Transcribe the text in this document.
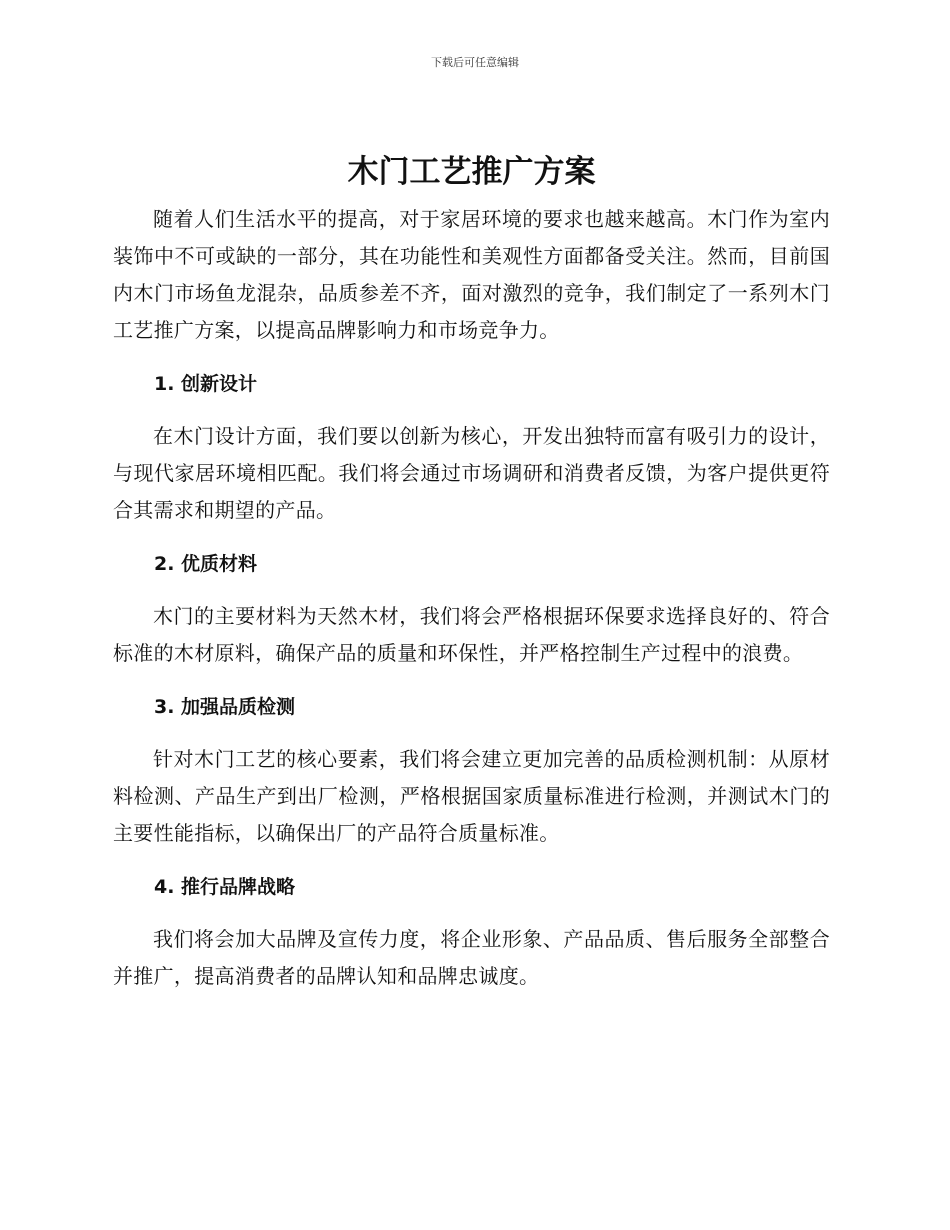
下载后可任意编辑
木门工艺推广方案

随着人们生活水平的提高，对于家居环境的要求也越来越高。木门作为室内装饰中不可或缺的一部分，其在功能性和美观性方面都备受关注。然而，目前国内木门市场鱼龙混杂，品质参差不齐，面对激烈的竞争，我们制定了一系列木门工艺推广方案，以提高品牌影响力和市场竞争力。

1. 创新设计

在木门设计方面，我们要以创新为核心，开发出独特而富有吸引力的设计，与现代家居环境相匹配。我们将会通过市场调研和消费者反馈，为客户提供更符合其需求和期望的产品。

2. 优质材料

木门的主要材料为天然木材，我们将会严格根据环保要求选择良好的、符合标准的木材原料，确保产品的质量和环保性，并严格控制生产过程中的浪费。

3. 加强品质检测

针对木门工艺的核心要素，我们将会建立更加完善的品质检测机制：从原材料检测、产品生产到出厂检测，严格根据国家质量标准进行检测，并测试木门的主要性能指标，以确保出厂的产品符合质量标准。

4. 推行品牌战略

我们将会加大品牌及宣传力度，将企业形象、产品品质、售后服务全部整合并推广，提高消费者的品牌认知和品牌忠诚度。
